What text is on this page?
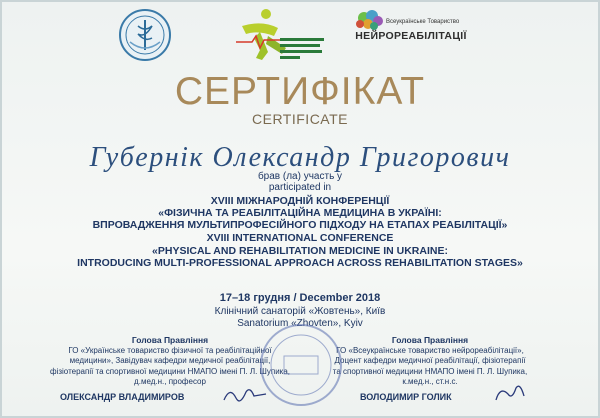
Всеукраїнське Товариство
НЕЙРОРЕАБІЛІТАЦІЇ
СЕРТИФІКАТ
CERTIFICATE
Губернік Олександр Григорович
брав (ла) участь у
participated in
XVIII МІЖНАРОДНІЙ КОНФЕРЕНЦІЇ
«ФІЗИЧНА ТА РЕАБІЛІТАЦІЙНА МЕДИЦИНА В УКРАЇНІ:
ВПРОВАДЖЕННЯ МУЛЬТИПРОФЕСІЙНОГО ПІДХОДУ НА ЕТАПАХ РЕАБІЛІТАЦІЇ»
XVIII INTERNATIONAL CONFERENCE
«PHYSICAL AND REHABILITATION MEDICINE IN UKRAINE:
INTRODUCING MULTI-PROFESSIONAL APPROACH ACROSS REHABILITATION STAGES»
17–18 грудня / December 2018
Клінічний санаторій «Жовтень», Київ
Sanatorium «Zhovten», Kyiv
Голова Правління
ГО «Українське товариство фізичної та реабілітаційної
медицини», Завідувач кафедри медичної реабілітації,
фізіотерапії та спортивної медицини НМАПО імені П. Л. Шупика,
д.мед.н., професор
Голова Правління
ГО «Всеукраїнське товариство нейрореабілітації»,
Доцент кафедри медичної реабілітації, фізіотерапії
та спортивної медицини НМАПО імені П. Л. Шупика,
к.мед.н., ст.н.с.
ОЛЕКСАНДР ВЛАДИМИРОВ	ВОЛОДИМИР ГОЛИК
